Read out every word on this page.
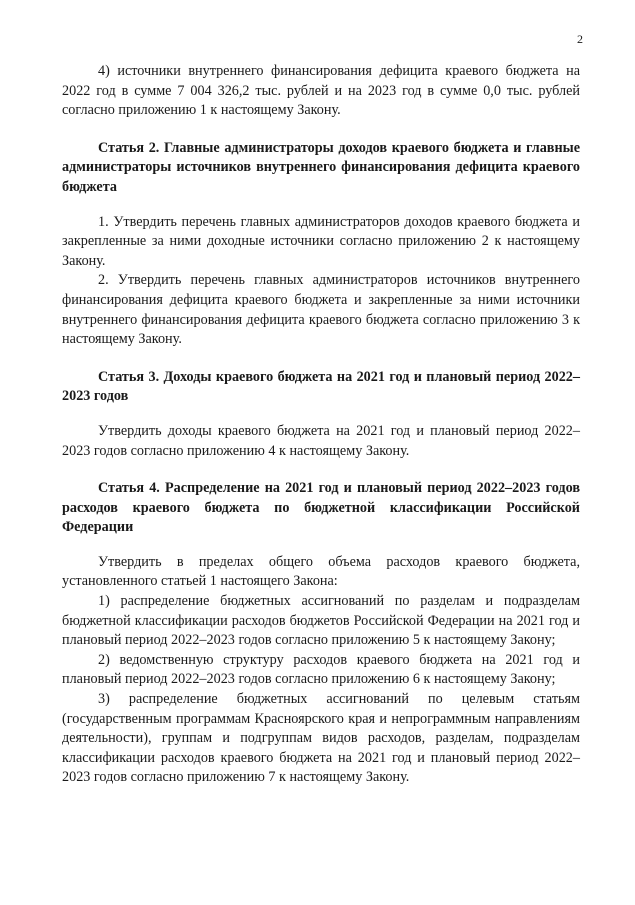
2

4) источники внутреннего финансирования дефицита краевого бюджета на 2022 год в сумме 7 004 326,2 тыс. рублей и на 2023 год в сумме 0,0 тыс. рублей согласно приложению 1 к настоящему Закону.

Статья 2. Главные администраторы доходов краевого бюджета и главные администраторы источников внутреннего финансирования дефицита краевого бюджета

1. Утвердить перечень главных администраторов доходов краевого бюджета и закрепленные за ними доходные источники согласно приложению 2 к настоящему Закону.

2. Утвердить перечень главных администраторов источников внутреннего финансирования дефицита краевого бюджета и закрепленные за ними источники внутреннего финансирования дефицита краевого бюджета согласно приложению 3 к настоящему Закону.

Статья 3. Доходы краевого бюджета на 2021 год и плановый период 2022–2023 годов

Утвердить доходы краевого бюджета на 2021 год и плановый период 2022–2023 годов согласно приложению 4 к настоящему Закону.

Статья 4. Распределение на 2021 год и плановый период 2022–2023 годов расходов краевого бюджета по бюджетной классификации Российской Федерации

Утвердить в пределах общего объема расходов краевого бюджета, установленного статьей 1 настоящего Закона:

1) распределение бюджетных ассигнований по разделам и подразделам бюджетной классификации расходов бюджетов Российской Федерации на 2021 год и плановый период 2022–2023 годов согласно приложению 5 к настоящему Закону;

2) ведомственную структуру расходов краевого бюджета на 2021 год и плановый период 2022–2023 годов согласно приложению 6 к настоящему Закону;

3) распределение бюджетных ассигнований по целевым статьям (государственным программам Красноярского края и непрограммным направлениям деятельности), группам и подгруппам видов расходов, разделам, подразделам классификации расходов краевого бюджета на 2021 год и плановый период 2022–2023 годов согласно приложению 7 к настоящему Закону.
